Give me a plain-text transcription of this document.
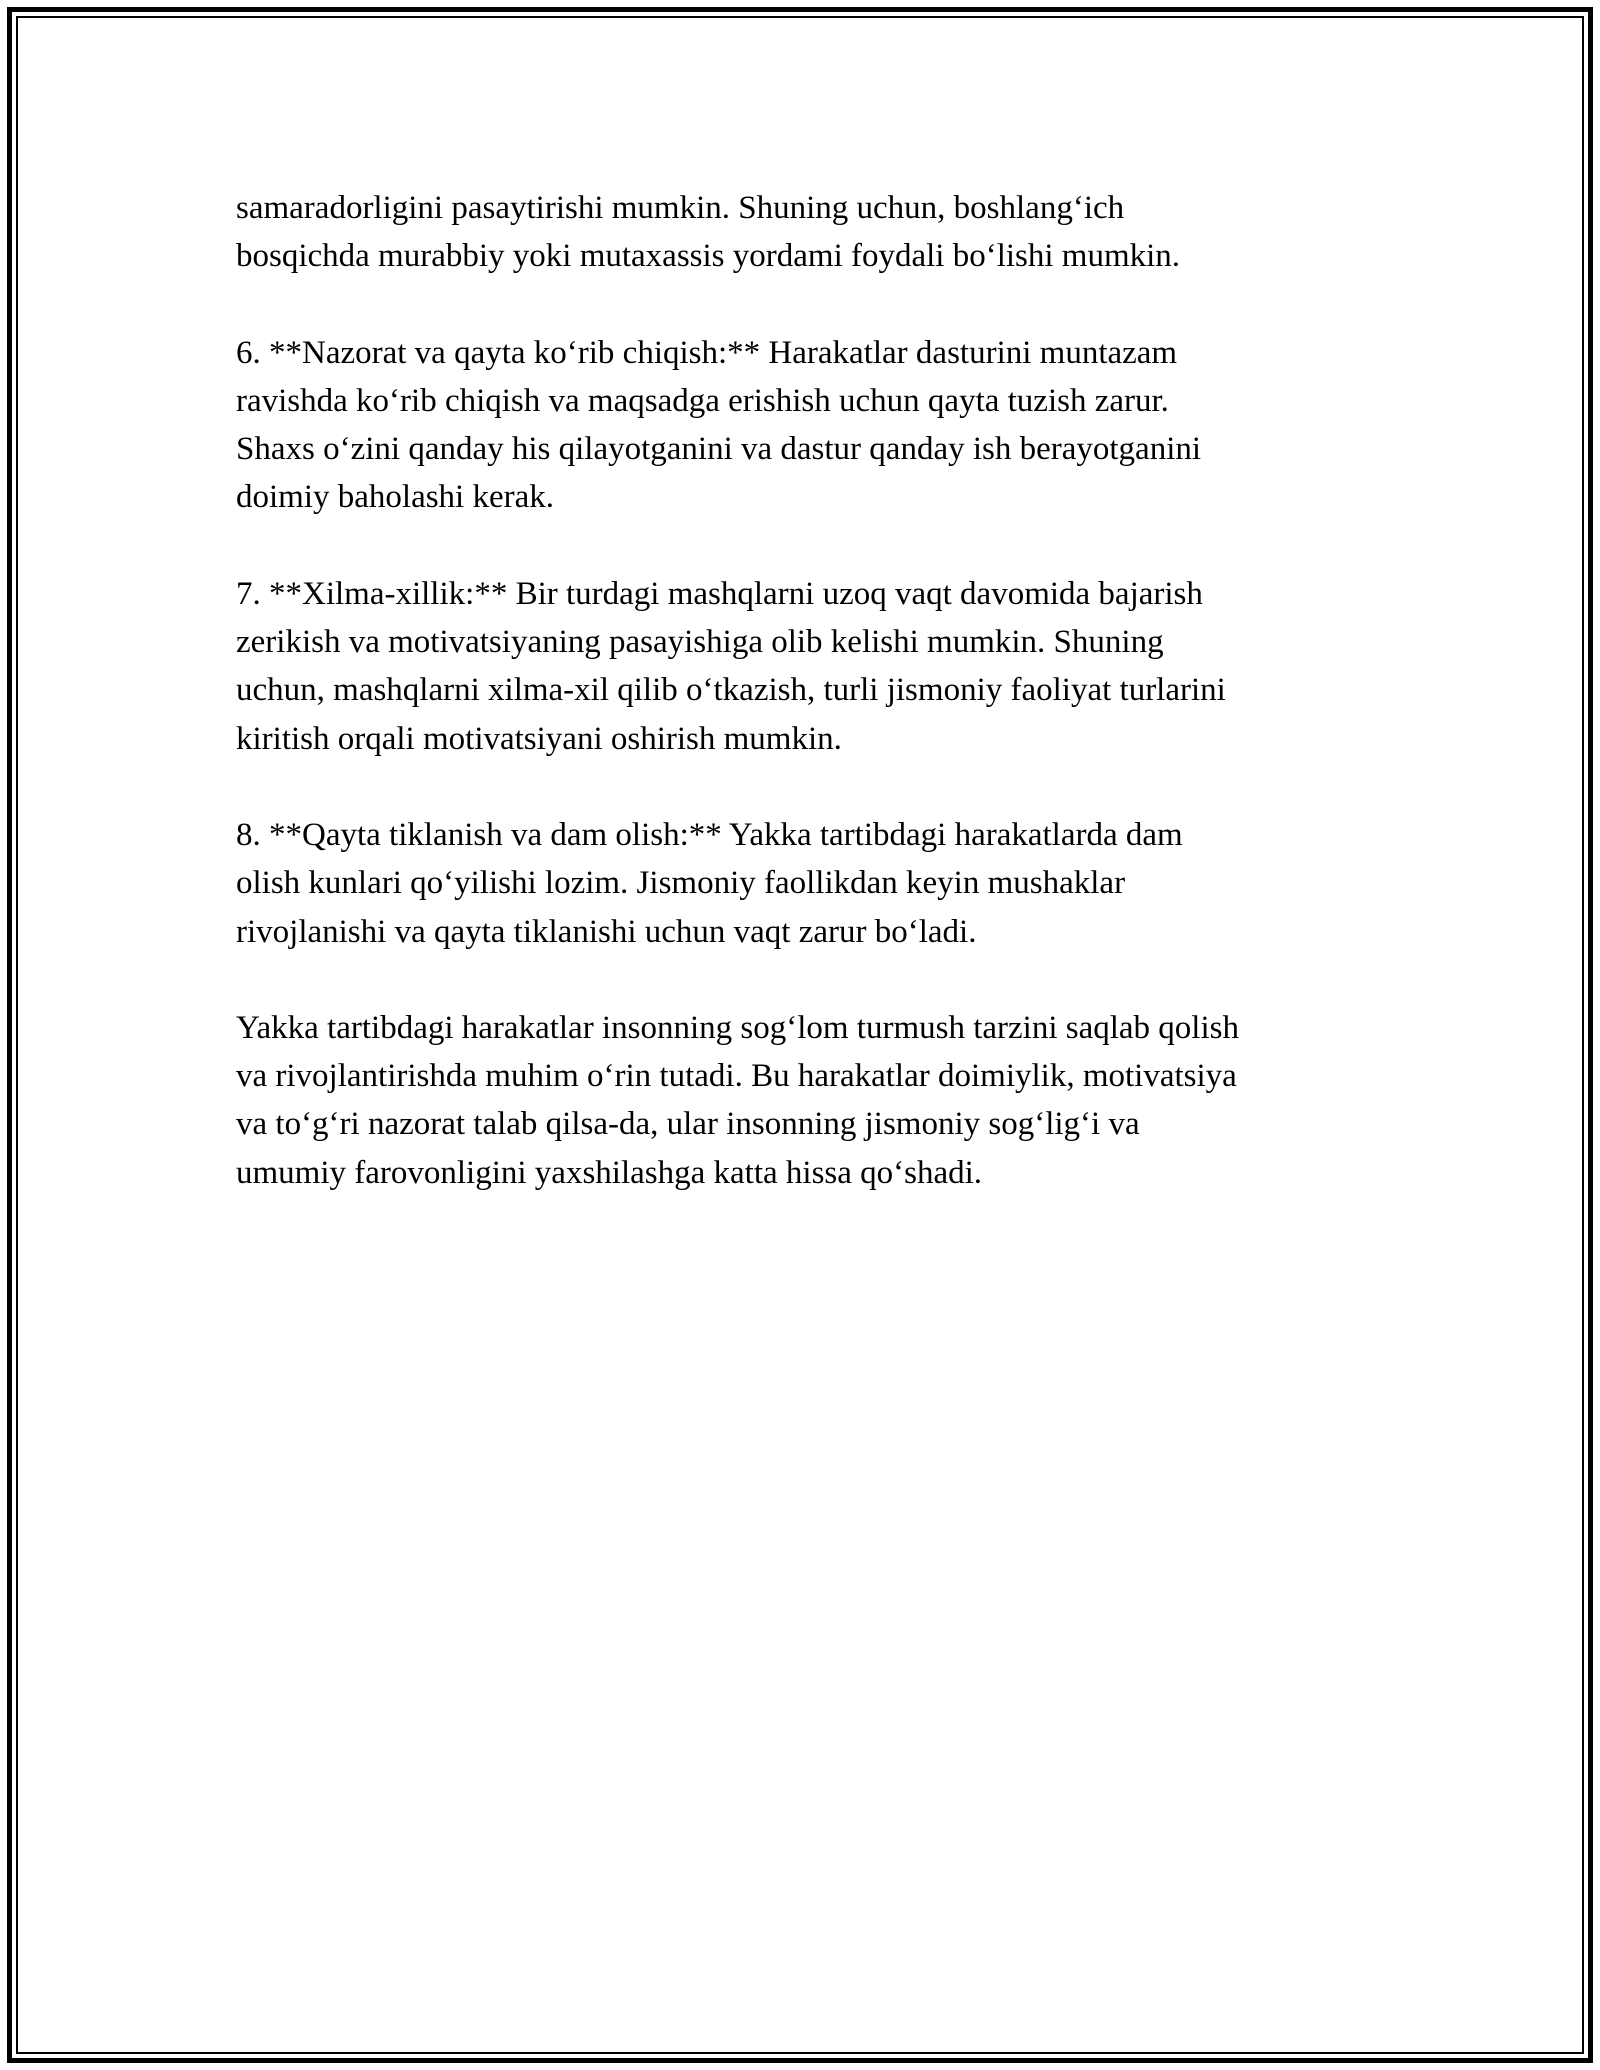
samaradorligini pasaytirishi mumkin. Shuning uchun, boshlang‘ich
bosqichda murabbiy yoki mutaxassis yordami foydali bo‘lishi mumkin.

6. **Nazorat va qayta ko‘rib chiqish:** Harakatlar dasturini muntazam
ravishda ko‘rib chiqish va maqsadga erishish uchun qayta tuzish zarur.
Shaxs o‘zini qanday his qilayotganini va dastur qanday ish berayotganini
doimiy baholashi kerak.

7. **Xilma-xillik:** Bir turdagi mashqlarni uzoq vaqt davomida bajarish
zerikish va motivatsiyaning pasayishiga olib kelishi mumkin. Shuning
uchun, mashqlarni xilma-xil qilib o‘tkazish, turli jismoniy faoliyat turlarini
kiritish orqali motivatsiyani oshirish mumkin.

8. **Qayta tiklanish va dam olish:** Yakka tartibdagi harakatlarda dam
olish kunlari qo‘yilishi lozim. Jismoniy faollikdan keyin mushaklar
rivojlanishi va qayta tiklanishi uchun vaqt zarur bo‘ladi.

Yakka tartibdagi harakatlar insonning sog‘lom turmush tarzini saqlab qolish
va rivojlantirishda muhim o‘rin tutadi. Bu harakatlar doimiylik, motivatsiya
va to‘g‘ri nazorat talab qilsa-da, ular insonning jismoniy sog‘lig‘i va
umumiy farovonligini yaxshilashga katta hissa qo‘shadi.
